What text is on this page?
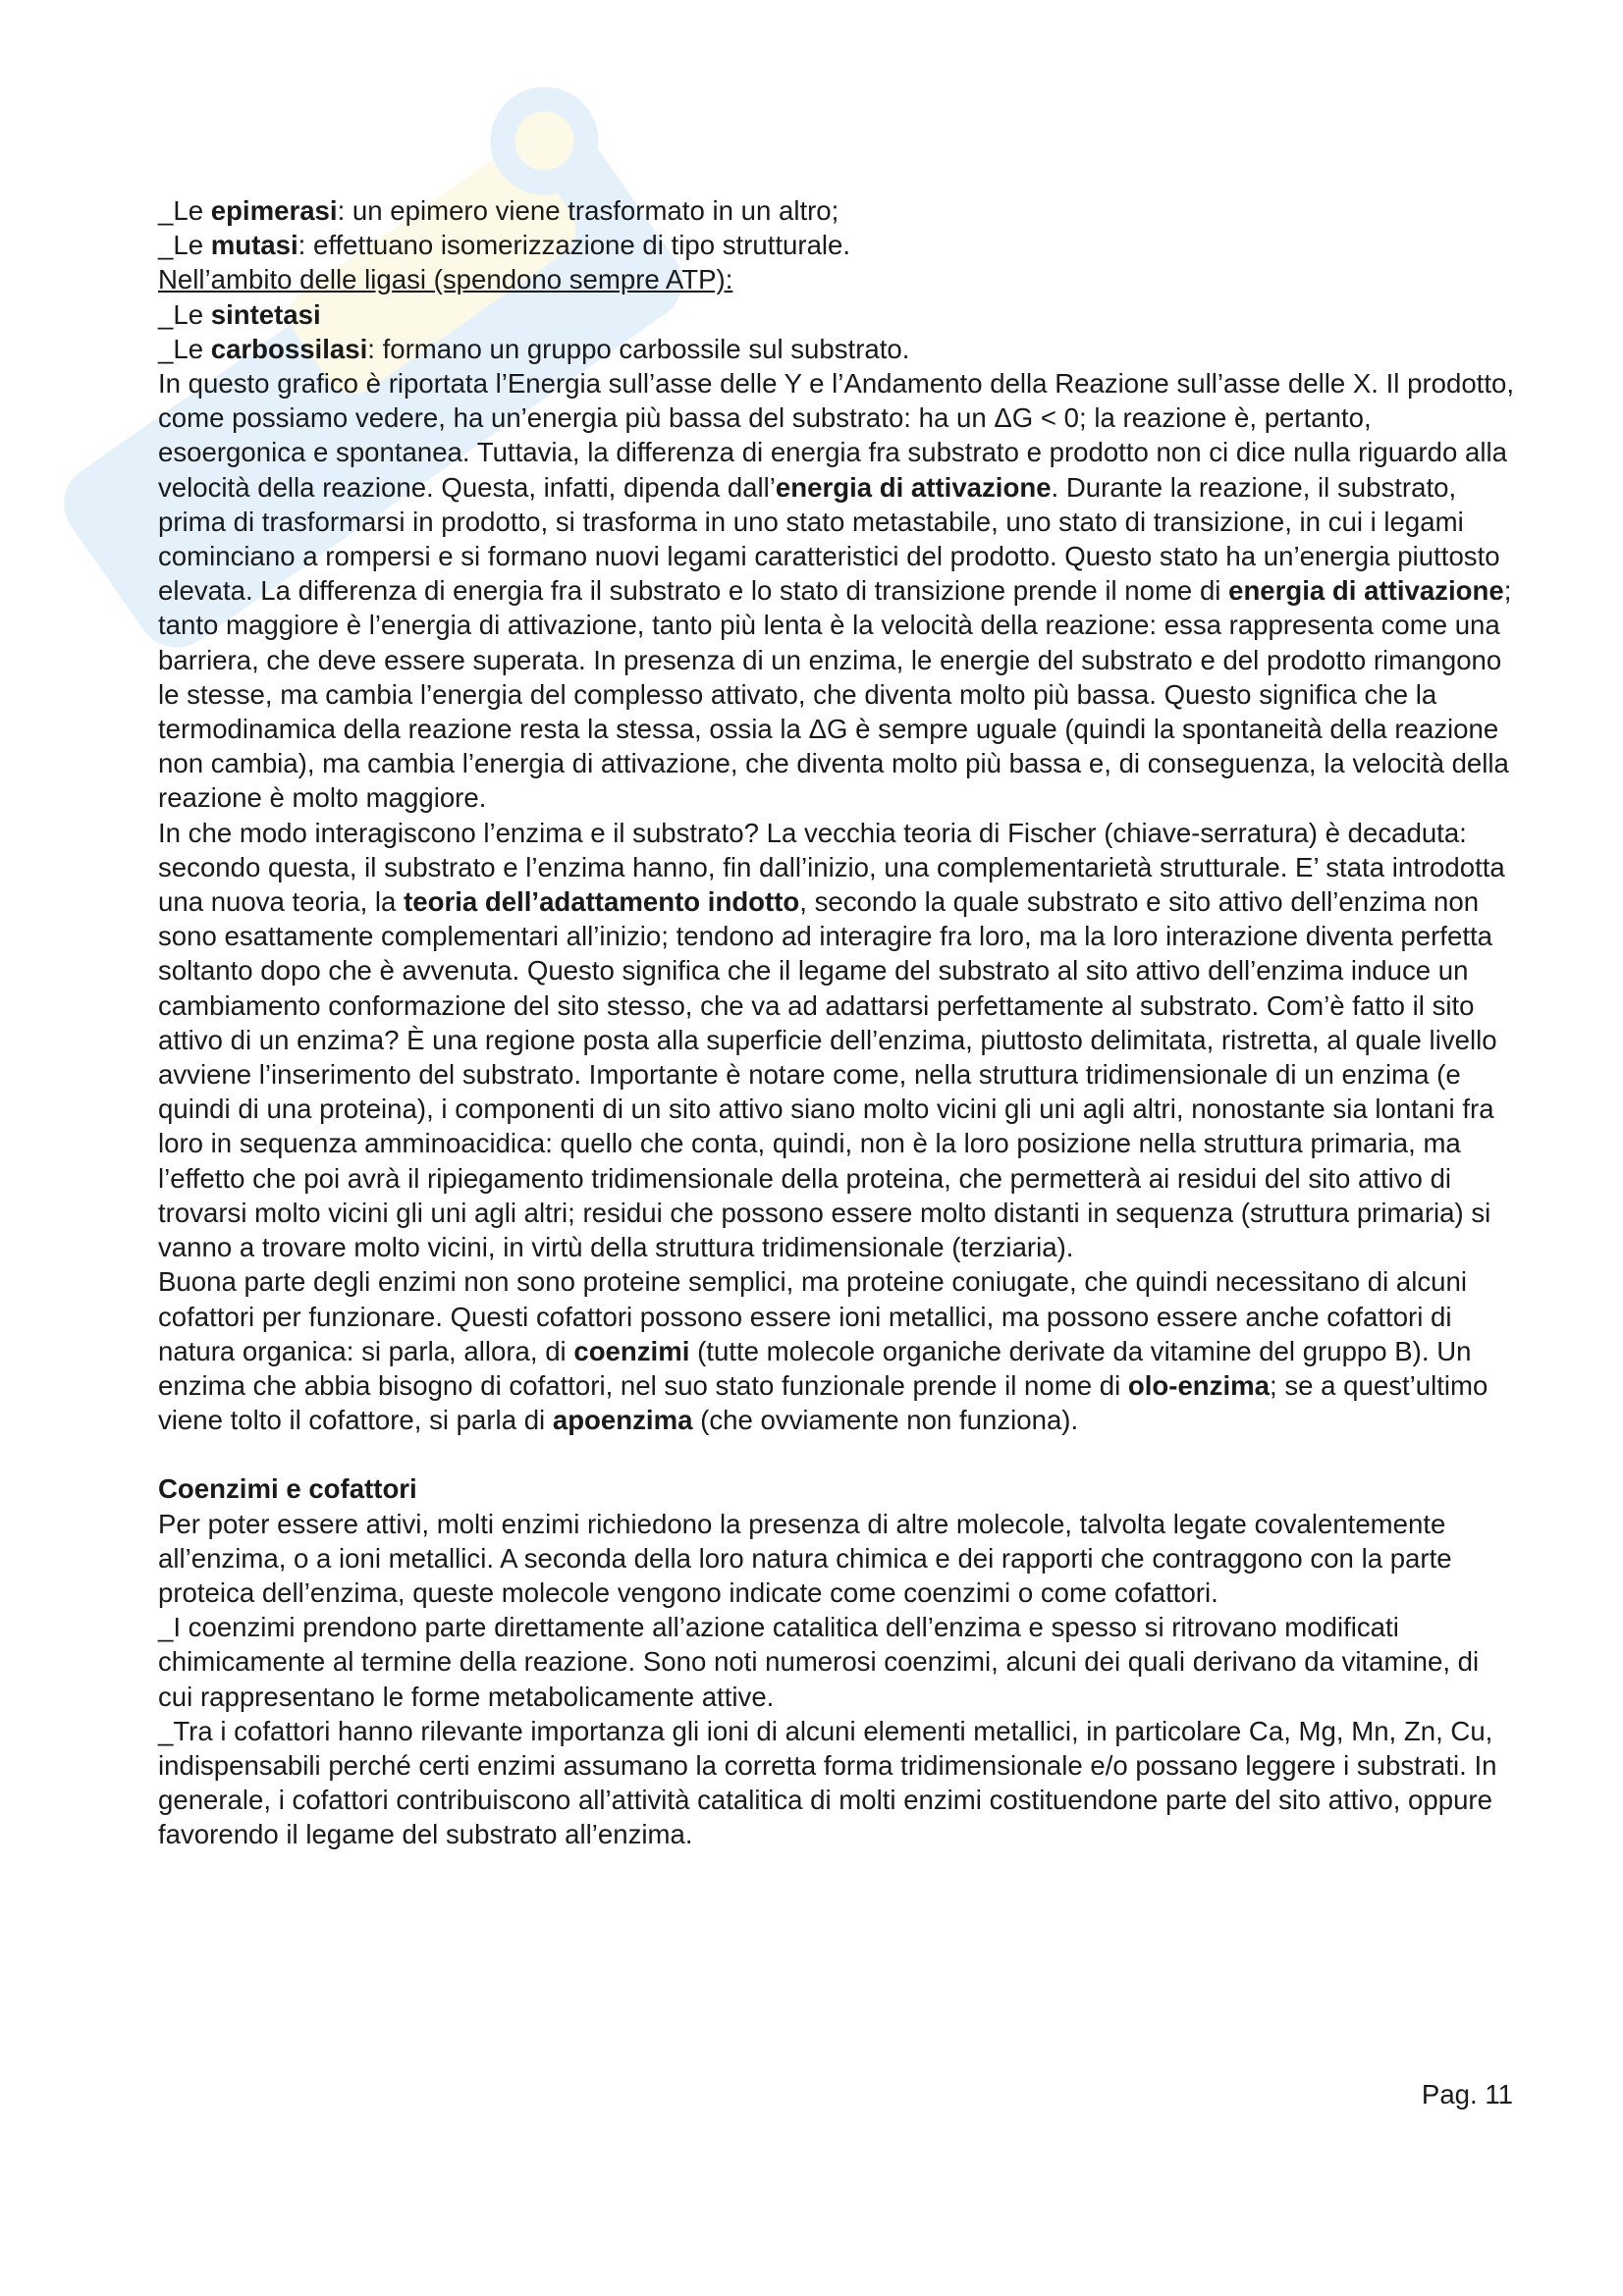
_Le epimerasi: un epimero viene trasformato in un altro;

_Le mutasi: effettuano isomerizzazione di tipo strutturale.

Nell’ambito delle ligasi (spendono sempre ATP):

_Le sintetasi

_Le carbossilasi: formano un gruppo carbossile sul substrato.

In questo grafico è riportata l’Energia sull’asse delle Y e l’Andamento della Reazione sull’asse delle X. Il prodotto, come possiamo vedere, ha un’energia più bassa del substrato: ha un ΔG < 0; la reazione è, pertanto, esoergonica e spontanea. Tuttavia, la differenza di energia fra substrato e prodotto non ci dice nulla riguardo alla velocità della reazione. Questa, infatti, dipenda dall’energia di attivazione. Durante la reazione, il substrato, prima di trasformarsi in prodotto, si trasforma in uno stato metastabile, uno stato di transizione, in cui i legami cominciano a rompersi e si formano nuovi legami caratteristici del prodotto. Questo stato ha un’energia piuttosto elevata. La differenza di energia fra il substrato e lo stato di transizione prende il nome di energia di attivazione; tanto maggiore è l’energia di attivazione, tanto più lenta è la velocità della reazione: essa rappresenta come una barriera, che deve essere superata. In presenza di un enzima, le energie del substrato e del prodotto rimangono le stesse, ma cambia l’energia del complesso attivato, che diventa molto più bassa. Questo significa che la termodinamica della reazione resta la stessa, ossia la ΔG è sempre uguale (quindi la spontaneità della reazione non cambia), ma cambia l’energia di attivazione, che diventa molto più bassa e, di conseguenza, la velocità della reazione è molto maggiore.

In che modo interagiscono l’enzima e il substrato? La vecchia teoria di Fischer (chiave-serratura) è decaduta: secondo questa, il substrato e l’enzima hanno, fin dall’inizio, una complementarietà strutturale. E’ stata introdotta una nuova teoria, la teoria dell’adattamento indotto, secondo la quale substrato e sito attivo dell’enzima non sono esattamente complementari all’inizio; tendono ad interagire fra loro, ma la loro interazione diventa perfetta soltanto dopo che è avvenuta. Questo significa che il legame del substrato al sito attivo dell’enzima induce un cambiamento conformazione del sito stesso, che va ad adattarsi perfettamente al substrato. Com’è fatto il sito attivo di un enzima? È una regione posta alla superficie dell’enzima, piuttosto delimitata, ristretta, al quale livello avviene l’inserimento del substrato. Importante è notare come, nella struttura tridimensionale di un enzima (e quindi di una proteina), i componenti di un sito attivo siano molto vicini gli uni agli altri, nonostante sia lontani fra loro in sequenza amminoacidica: quello che conta, quindi, non è la loro posizione nella struttura primaria, ma l’effetto che poi avrà il ripiegamento tridimensionale della proteina, che permetterà ai residui del sito attivo di trovarsi molto vicini gli uni agli altri; residui che possono essere molto distanti in sequenza (struttura primaria) si vanno a trovare molto vicini, in virtù della struttura tridimensionale (terziaria).

Buona parte degli enzimi non sono proteine semplici, ma proteine coniugate, che quindi necessitano di alcuni cofattori per funzionare. Questi cofattori possono essere ioni metallici, ma possono essere anche cofattori di natura organica: si parla, allora, di coenzimi (tutte molecole organiche derivate da vitamine del gruppo B). Un enzima che abbia bisogno di cofattori, nel suo stato funzionale prende il nome di olo-enzima; se a quest’ultimo viene tolto il cofattore, si parla di apoenzima (che ovviamente non funziona).

Coenzimi e cofattori

Per poter essere attivi, molti enzimi richiedono la presenza di altre molecole, talvolta legate covalentemente all’enzima, o a ioni metallici. A seconda della loro natura chimica e dei rapporti che contraggono con la parte proteica dell’enzima, queste molecole vengono indicate come coenzimi o come cofattori.

_I coenzimi prendono parte direttamente all’azione catalitica dell’enzima e spesso si ritrovano modificati chimicamente al termine della reazione. Sono noti numerosi coenzimi, alcuni dei quali derivano da vitamine, di cui rappresentano le forme metabolicamente attive.

_Tra i cofattori hanno rilevante importanza gli ioni di alcuni elementi metallici, in particolare Ca, Mg, Mn, Zn, Cu, indispensabili perché certi enzimi assumano la corretta forma tridimensionale e/o possano leggere i substrati. In generale, i cofattori contribuiscono all’attività catalitica di molti enzimi costituendone parte del sito attivo, oppure favorendo il legame del substrato all’enzima.

Pag. 11
